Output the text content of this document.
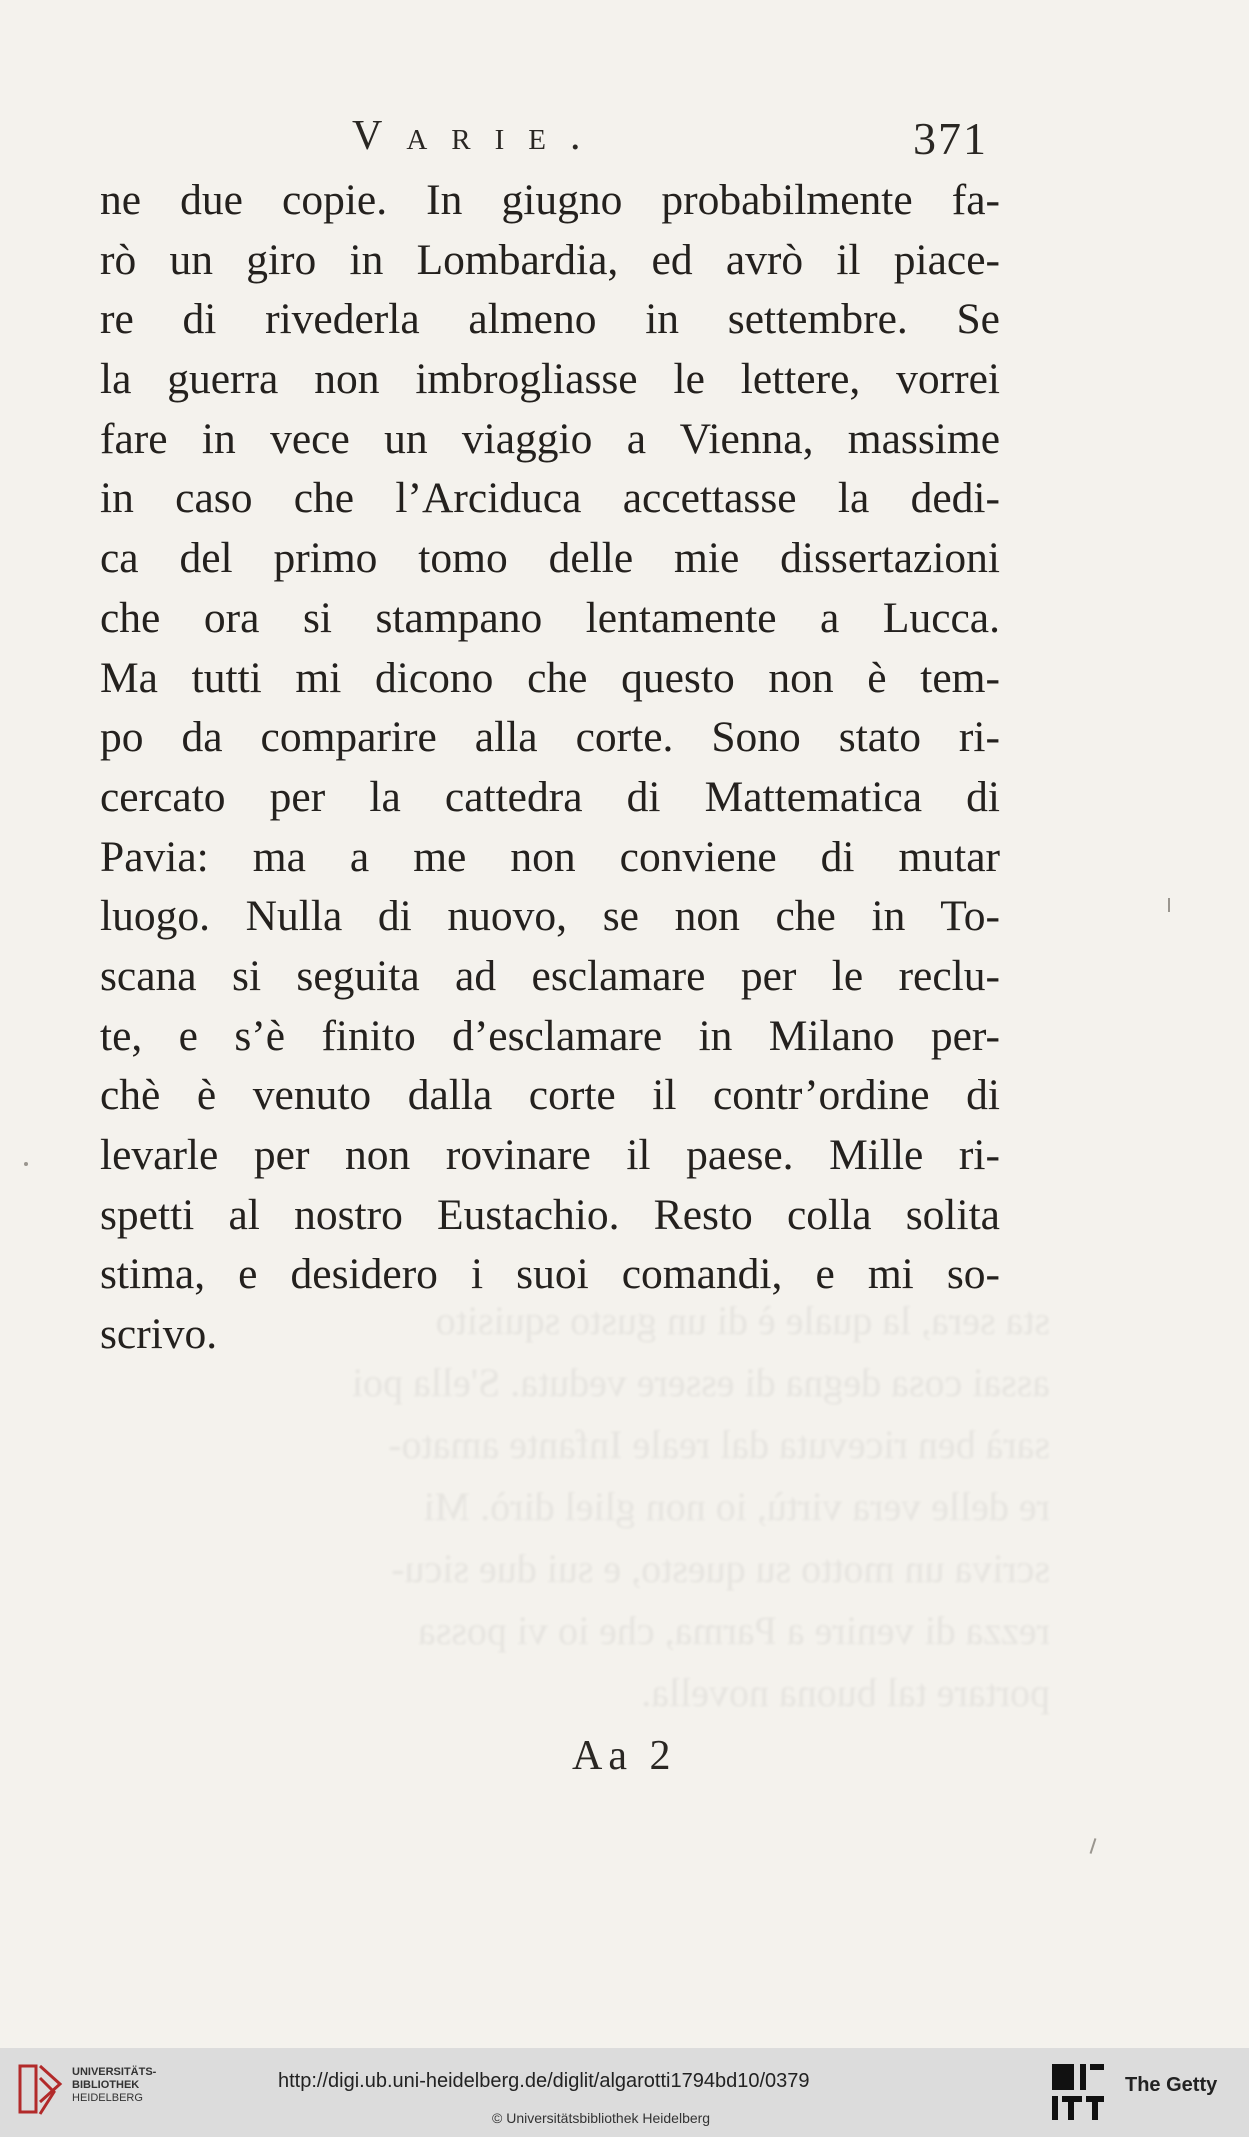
sta sera, la quale è di un gusto squisito
assai cosa degna di essere veduta. S'ella poi
sarà ben ricevuta dal reale Infante amato-
re delle vera virtù, io non gliel dirò. Mi
scriva un motto su questo, e sui due sicu-
rezza di venire a Parma, che io vi possa
portare tal buona novella.
Varie.	371
ne due copie. In giugno probabilmente fa-
rò un giro in Lombardia, ed avrò il piace-
re di rivederla almeno in settembre. Se
la guerra non imbrogliasse le lettere, vorrei
fare in vece un viaggio a Vienna, massime
in caso che l’Arciduca accettasse la dedi-
ca del primo tomo delle mie dissertazioni
che ora si stampano lentamente a Lucca.
Ma tutti mi dicono che questo non è tem-
po da comparire alla corte. Sono stato ri-
cercato per la cattedra di Mattematica di
Pavia: ma a me non conviene di mutar
luogo. Nulla di nuovo, se non che in To-
scana si seguita ad esclamare per le reclu-
te, e s’è finito d’esclamare in Milano per-
chè è venuto dalla corte il contr’ordine di
levarle per non rovinare il paese. Mille ri-
spetti al nostro Eustachio. Resto colla solita
stima, e desidero i suoi comandi, e mi so-
scrivo.
Aa 2
UNIVERSITÄTS-
BIBLIOTHEK
HEIDELBERG
http://digi.ub.uni-heidelberg.de/diglit/algarotti1794bd10/0379
© Universitätsbibliothek Heidelberg
The Getty
